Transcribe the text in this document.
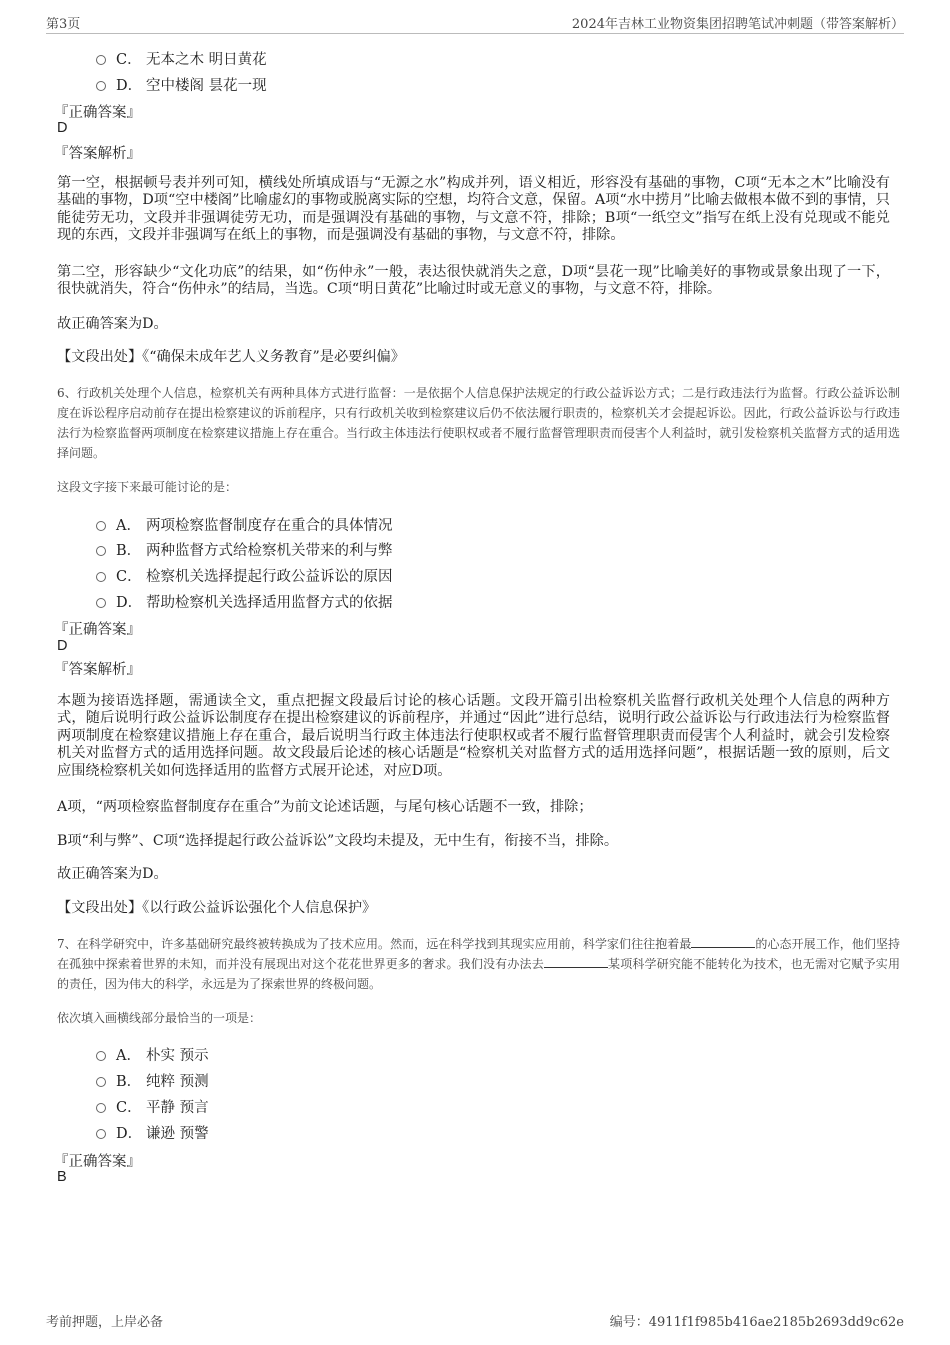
第3页	2024年吉林工业物资集团招聘笔试冲刺题（带答案解析）
C． 无本之木 明日黄花
D． 空中楼阁 昙花一现
『正确答案』
D
『答案解析』
第一空，根据顿号表并列可知，横线处所填成语与“无源之水”构成并列，语义相近，形容没有基础的事物，C项“无本之木”比喻没有基础的事物，D项“空中楼阁”比喻虚幻的事物或脱离实际的空想，均符合文意，保留。A项“水中捞月”比喻去做根本做不到的事情，只能徒劳无功，文段并非强调徒劳无功，而是强调没有基础的事物，与文意不符，排除；B项“一纸空文”指写在纸上没有兑现或不能兑现的东西，文段并非强调写在纸上的事物，而是强调没有基础的事物，与文意不符，排除。
第二空，形容缺少“文化功底”的结果，如“伤仲永”一般，表达很快就消失之意，D项“昙花一现”比喻美好的事物或景象出现了一下，很快就消失，符合“伤仲永”的结局，当选。C项“明日黄花”比喻过时或无意义的事物，与文意不符，排除。
故正确答案为D。
【文段出处】《“确保未成年艺人义务教育”是必要纠偏》
6、行政机关处理个人信息，检察机关有两种具体方式进行监督：一是依据个人信息保护法规定的行政公益诉讼方式；二是行政违法行为监督。行政公益诉讼制度在诉讼程序启动前存在提出检察建议的诉前程序，只有行政机关收到检察建议后仍不依法履行职责的，检察机关才会提起诉讼。因此，行政公益诉讼与行政违法行为检察监督两项制度在检察建议措施上存在重合。当行政主体违法行使职权或者不履行监督管理职责而侵害个人利益时，就引发检察机关监督方式的适用选择问题。
这段文字接下来最可能讨论的是：
A． 两项检察监督制度存在重合的具体情况
B． 两种监督方式给检察机关带来的利与弊
C． 检察机关选择提起行政公益诉讼的原因
D． 帮助检察机关选择适用监督方式的依据
『正确答案』
D
『答案解析』
本题为接语选择题，需通读全文，重点把握文段最后讨论的核心话题。文段开篇引出检察机关监督行政机关处理个人信息的两种方式，随后说明行政公益诉讼制度存在提出检察建议的诉前程序，并通过“因此”进行总结，说明行政公益诉讼与行政违法行为检察监督两项制度在检察建议措施上存在重合，最后说明当行政主体违法行使职权或者不履行监督管理职责而侵害个人利益时，就会引发检察机关对监督方式的适用选择问题。故文段最后论述的核心话题是“检察机关对监督方式的适用选择问题”，根据话题一致的原则，后文应围绕检察机关如何选择适用的监督方式展开论述，对应D项。
A项，“两项检察监督制度存在重合”为前文论述话题，与尾句核心话题不一致，排除；
B项“利与弊”、C项“选择提起行政公益诉讼”文段均未提及，无中生有，衔接不当，排除。
故正确答案为D。
【文段出处】《以行政公益诉讼强化个人信息保护》
7、在科学研究中，许多基础研究最终被转换成为了技术应用。然而，远在科学找到其现实应用前，科学家们往往抱着最	的心态开展工作，他们坚持在孤独中探索着世界的未知，而并没有展现出对这个花花世界更多的奢求。我们没有办法去	某项科学研究能不能转化为技术，也无需对它赋予实用的责任，因为伟大的科学，永远是为了探索世界的终极问题。
依次填入画横线部分最恰当的一项是：
A． 朴实 预示
B． 纯粹 预测
C． 平静 预言
D． 谦逊 预警
『正确答案』
B
考前押题，上岸必备	编号：4911f1f985b416ae2185b2693dd9c62e
